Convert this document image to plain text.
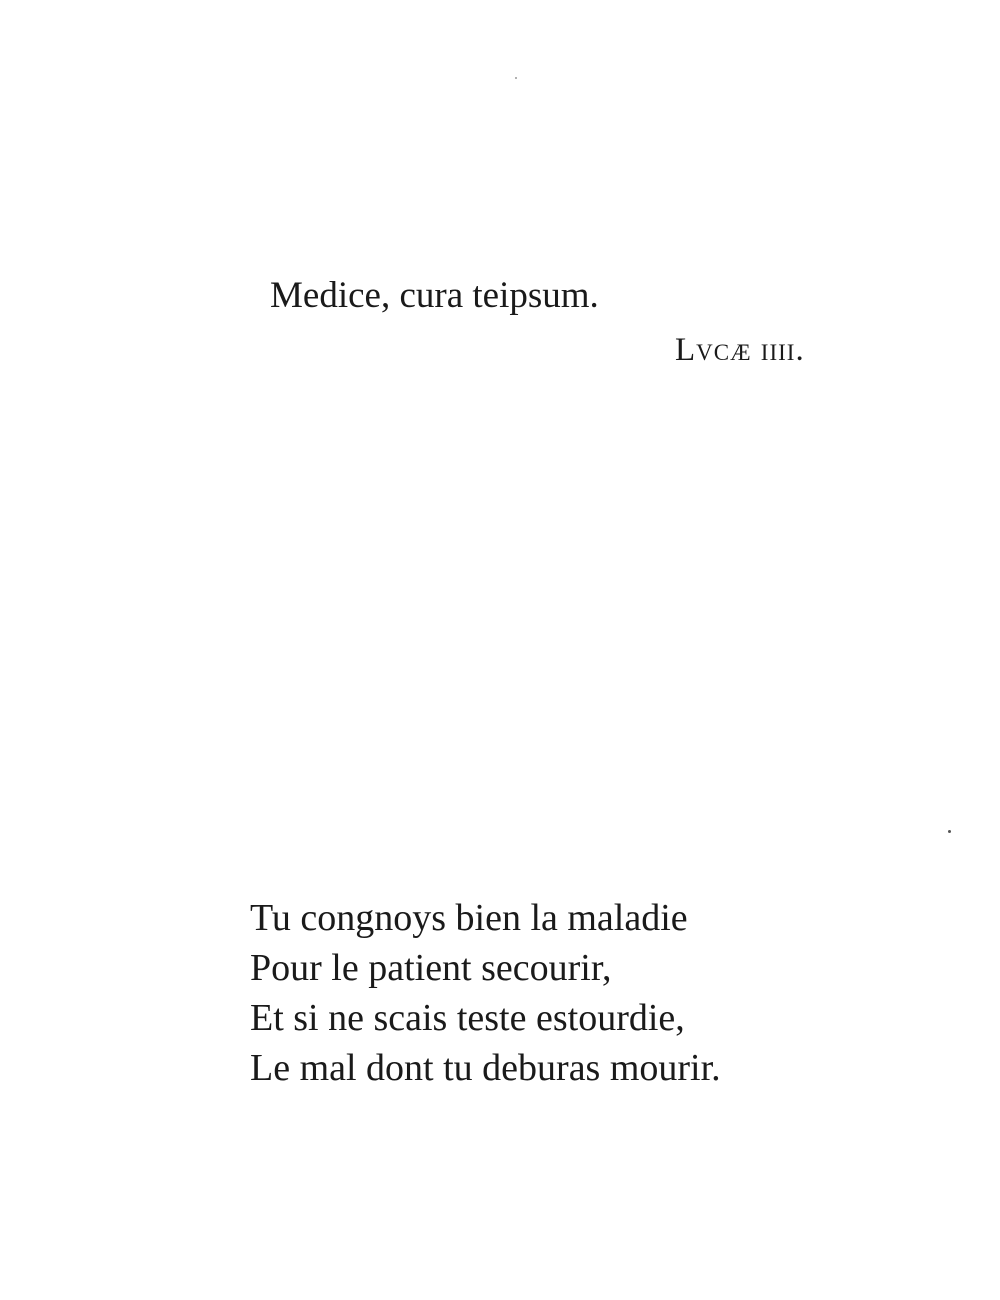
Medice, cura teipsum.
Lvcæ iiii.
Tu congnoys bien la maladie
Pour le patient secourir,
Et si ne scais teste estourdie,
Le mal dont tu deburas mourir.
